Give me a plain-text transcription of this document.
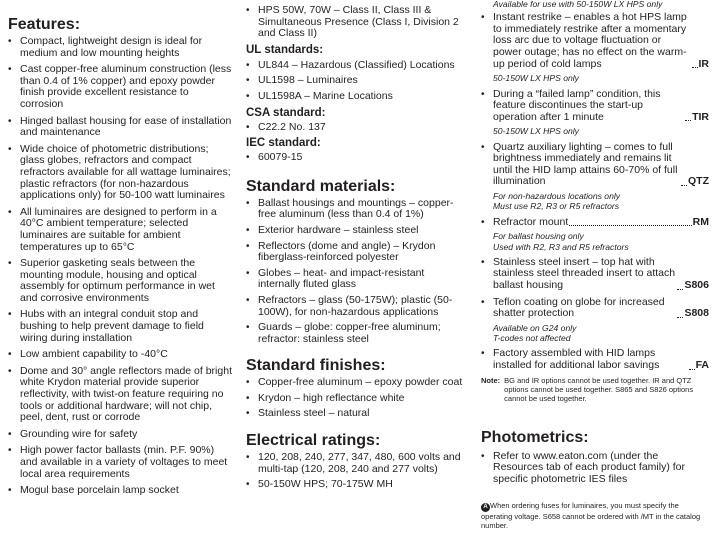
Features:
• Compact, lightweight design is ideal for medium and low mounting heights
• Cast copper-free aluminum construction (less than 0.4 of 1% copper) and epoxy powder finish provide excellent resistance to corrosion
• Hinged ballast housing for ease of installation and maintenance
• Wide choice of photometric distributions; glass globes, refractors and compact refractors available for all wattage luminaires; plastic refractors (for non-hazardous applications only) for 50-100 watt luminaires
• All luminaires are designed to perform in a 40°C ambient temperature; selected luminaires are suitable for ambient temperatures up to 65°C
• Superior gasketing seals between the mounting module, housing and optical assembly for optimum performance in wet and corrosive environments
• Hubs with an integral conduit stop and bushing to help prevent damage to field wiring during installation
• Low ambient capability to -40°C
• Dome and 30° angle reflectors made of bright white Krydon material provide superior reflectivity, with twist-on feature requiring no tools or additional hardware; will not chip, peel, dent, rust or corrode
• Grounding wire for safety
• High power factor ballasts (min. P.F. 90%) and available in a variety of voltages to meet local area requirements
• Mogul base porcelain lamp socket
• HPS 50W, 70W – Class II, Class III & Simultaneous Presence (Class I, Division 2 and Class II)
UL standards:
• UL844 – Hazardous (Classified) Locations
• UL1598 – Luminaires
• UL1598A – Marine Locations
CSA standard:
• C22.2 No. 137
IEC standard:
• 60079-15
Standard materials:
• Ballast housings and mountings – copper-free aluminum (less than 0.4 of 1%)
• Exterior hardware – stainless steel
• Reflectors (dome and angle) – Krydon fiberglass-reinforced polyester
• Globes – heat- and impact-resistant internally fluted glass
• Refractors – glass (50-175W); plastic (50-100W), for non-hazardous applications
• Guards – globe: copper-free aluminum; refractor: stainless steel
Standard finishes:
• Copper-free aluminum – epoxy powder coat
• Krydon – high reflectance white
• Stainless steel – natural
Electrical ratings:
• 120, 208, 240, 277, 347, 480, 600 volts and multi-tap (120, 208, 240 and 277 volts)
• 50-150W HPS; 70-175W MH
Available for use with 50-150W LX HPS only
• Instant restrike – enables a hot HPS lamp to immediately restrike after a momentary loss arc due to voltage fluctuation or power outage; has no effect on the warm-up period of cold lamps	IR
50-150W LX HPS only
• During a “failed lamp” condition, this feature discontinues the start-up operation after 1 minute	TIR
50-150W LX HPS only
• Quartz auxiliary lighting – comes to full brightness immediately and remains lit until the HID lamp attains 60-70% of full illumination	QTZ
For non-hazardous locations only
Must use R2, R3 or R5 refractors
• Refractor mount	RM
For ballast housing only
Used with R2, R3 and R5 refractors
• Stainless steel insert – top hat with stainless steel threaded insert to attach ballast housing	S806
• Teflon coating on globe for increased shatter protection	S808
Available on G24 only
T-codes not affected
• Factory assembled with HID lamps installed for additional labor savings	FA
Note: BG and IR options cannot be used together. IR and QTZ options cannot be used together. S865 and S826 options cannot be used together.
Photometrics:
• Refer to www.eaton.com (under the Resources tab of each product family) for specific photometric IES files
A When ordering fuses for luminaires, you must specify the operating voltage. S658 cannot be ordered with /MT in the catalog number.
